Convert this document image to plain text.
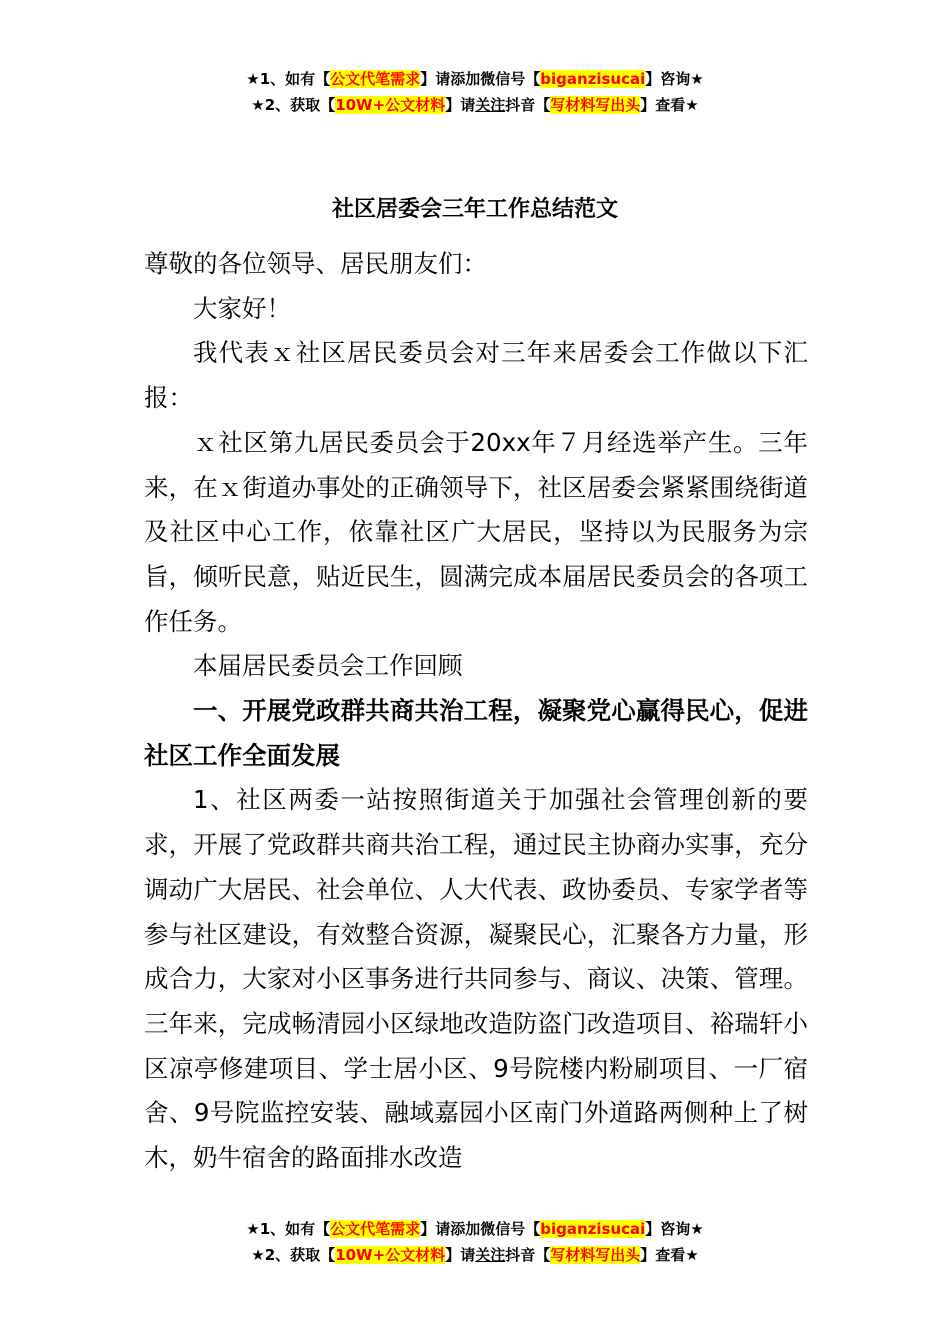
★1、如有【公文代笔需求】请添加微信号【biganzisucai】咨询★
★2、获取【10W+公文材料】请关注抖音【写材料写出头】查看★
社区居委会三年工作总结范文

尊敬的各位领导、居民朋友们：

大家好！

我代表ｘ社区居民委员会对三年来居委会工作做以下汇报：

ｘ社区第九居民委员会于20xx年７月经选举产生。三年来，在ｘ街道办事处的正确领导下，社区居委会紧紧围绕街道及社区中心工作，依靠社区广大居民，坚持以为民服务为宗旨，倾听民意，贴近民生，圆满完成本届居民委员会的各项工作任务。

本届居民委员会工作回顾

一、开展党政群共商共治工程，凝聚党心赢得民心，促进社区工作全面发展

1、社区两委一站按照街道关于加强社会管理创新的要求，开展了党政群共商共治工程，通过民主协商办实事，充分调动广大居民、社会单位、人大代表、政协委员、专家学者等参与社区建设，有效整合资源，凝聚民心，汇聚各方力量，形成合力，大家对小区事务进行共同参与、商议、决策、管理。三年来，完成畅清园小区绿地改造防盗门改造项目、裕瑞轩小区凉亭修建项目、学士居小区、9号院楼内粉刷项目、一厂宿舍、9号院监控安装、融域嘉园小区南门外道路两侧种上了树木，奶牛宿舍的路面排水改造

★1、如有【公文代笔需求】请添加微信号【biganzisucai】咨询★
★2、获取【10W+公文材料】请关注抖音【写材料写出头】查看★
